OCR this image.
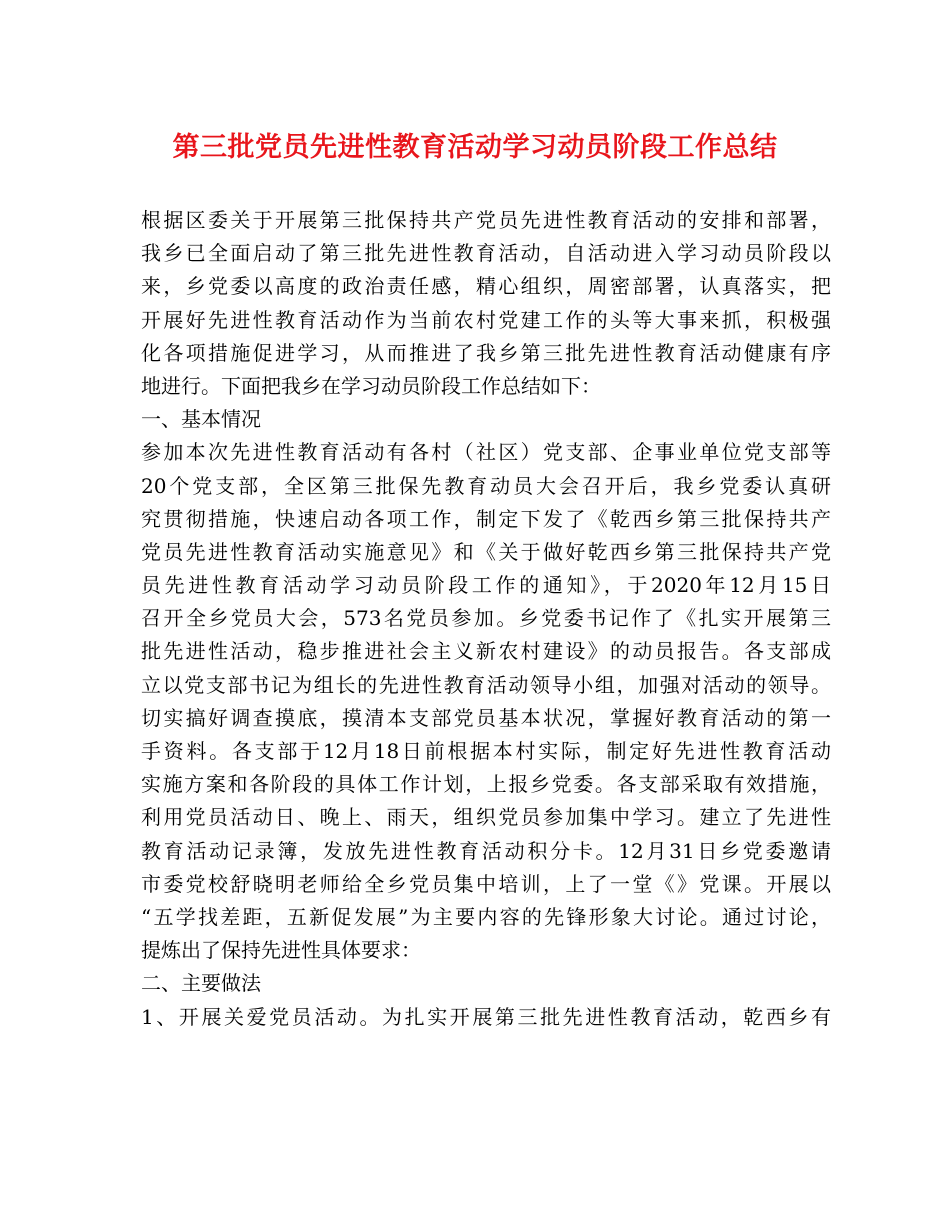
第三批党员先进性教育活动学习动员阶段工作总结
根据区委关于开展第三批保持共产党员先进性教育活动的安排和部署，
我乡已全面启动了第三批先进性教育活动，自活动进入学习动员阶段以
来，乡党委以高度的政治责任感，精心组织，周密部署，认真落实，把
开展好先进性教育活动作为当前农村党建工作的头等大事来抓，积极强
化各项措施促进学习，从而推进了我乡第三批先进性教育活动健康有序
地进行。下面把我乡在学习动员阶段工作总结如下：
一、基本情况
参加本次先进性教育活动有各村（社区）党支部、企事业单位党支部等
20个党支部，全区第三批保先教育动员大会召开后，我乡党委认真研
究贯彻措施，快速启动各项工作，制定下发了《乾西乡第三批保持共产
党员先进性教育活动实施意见》和《关于做好乾西乡第三批保持共产党
员先进性教育活动学习动员阶段工作的通知》，于2020年12月15日
召开全乡党员大会，573名党员参加。乡党委书记作了《扎实开展第三
批先进性活动，稳步推进社会主义新农村建设》的动员报告。各支部成
立以党支部书记为组长的先进性教育活动领导小组，加强对活动的领导。
切实搞好调查摸底，摸清本支部党员基本状况，掌握好教育活动的第一
手资料。各支部于12月18日前根据本村实际，制定好先进性教育活动
实施方案和各阶段的具体工作计划，上报乡党委。各支部采取有效措施，
利用党员活动日、晚上、雨天，组织党员参加集中学习。建立了先进性
教育活动记录簿，发放先进性教育活动积分卡。12月31日乡党委邀请
市委党校舒晓明老师给全乡党员集中培训，上了一堂《》党课。开展以
“五学找差距，五新促发展”为主要内容的先锋形象大讨论。通过讨论，
提炼出了保持先进性具体要求：
二、主要做法
1、开展关爱党员活动。为扎实开展第三批先进性教育活动，乾西乡有
